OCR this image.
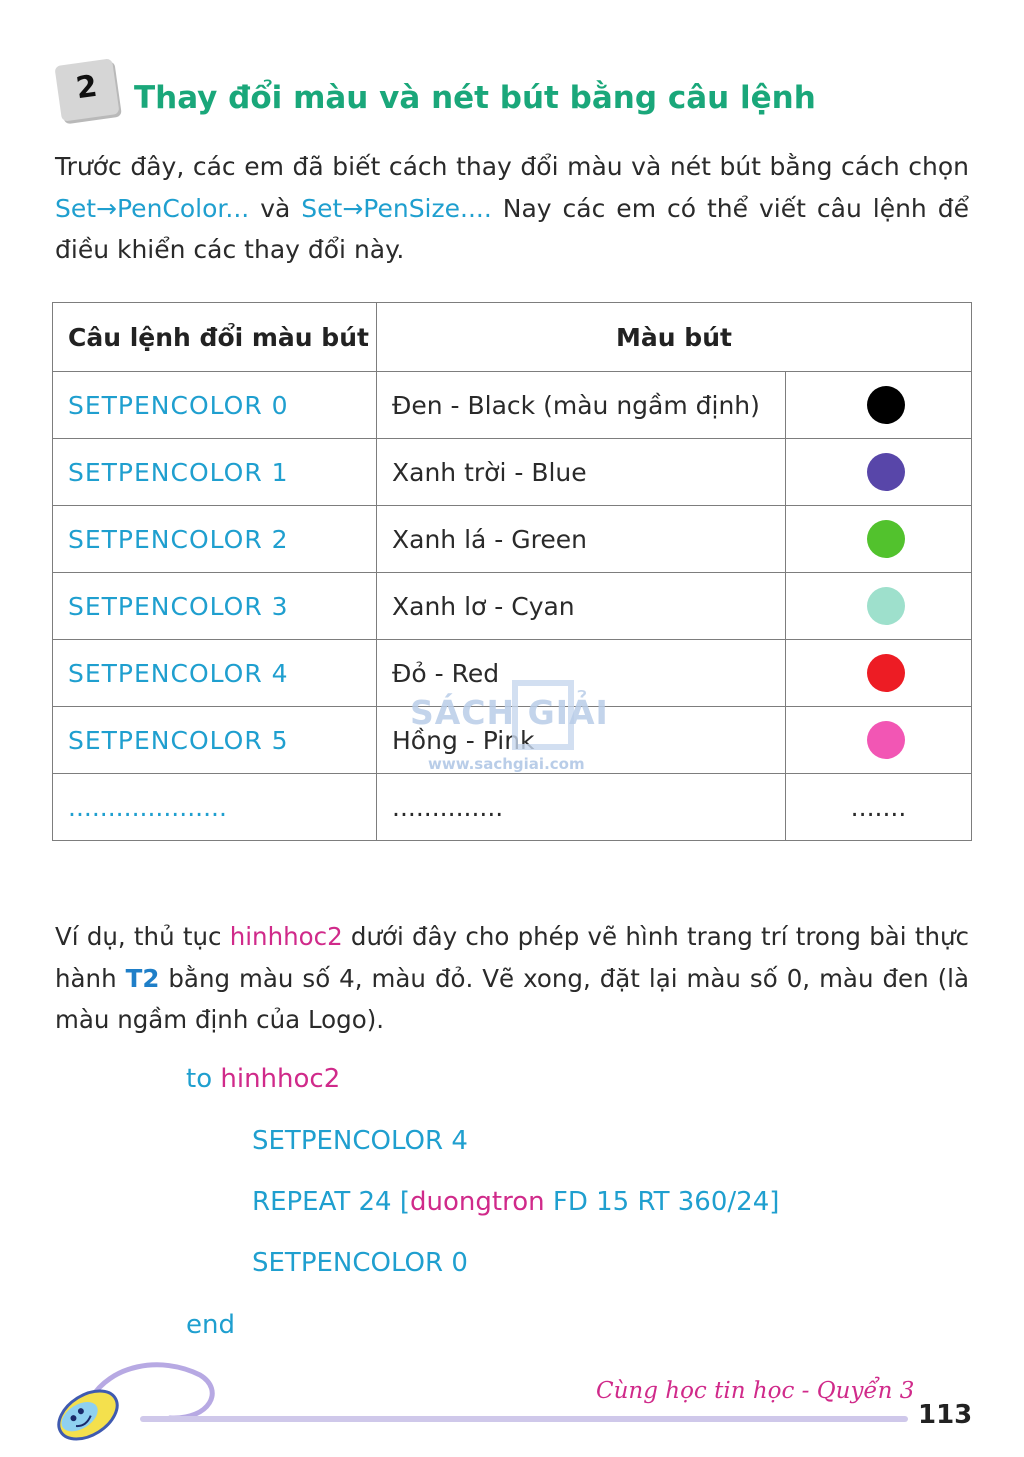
2	Thay đổi màu và nét bút bằng câu lệnh
Trước đây, các em đã biết cách thay đổi màu và nét bút bằng cách chọn Set→PenColor... và Set→PenSize.... Nay các em có thể viết câu lệnh để điều khiển các thay đổi này.
Câu lệnh đổi màu bút	Màu bút	
SETPENCOLOR 0	Đen - Black (màu ngầm định)	
SETPENCOLOR 1	Xanh trời - Blue	
SETPENCOLOR 2	Xanh lá - Green	
SETPENCOLOR 3	Xanh lơ - Cyan	
SETPENCOLOR 4	Đỏ - Red	
SETPENCOLOR 5	Hồng - Pink	
....................	..............	.......
SÁCH GIẢI
www.sachgiai.com
Ví dụ, thủ tục hinhhoc2 dưới đây cho phép vẽ hình trang trí trong bài thực hành T2 bằng màu số 4, màu đỏ. Vẽ xong, đặt lại màu số 0, màu đen (là màu ngầm định của Logo).
to hinhhoc2
SETPENCOLOR 4
REPEAT 24 [duongtron FD 15 RT 360/24]
SETPENCOLOR 0
end
Cùng học tin học - Quyển 3
113
